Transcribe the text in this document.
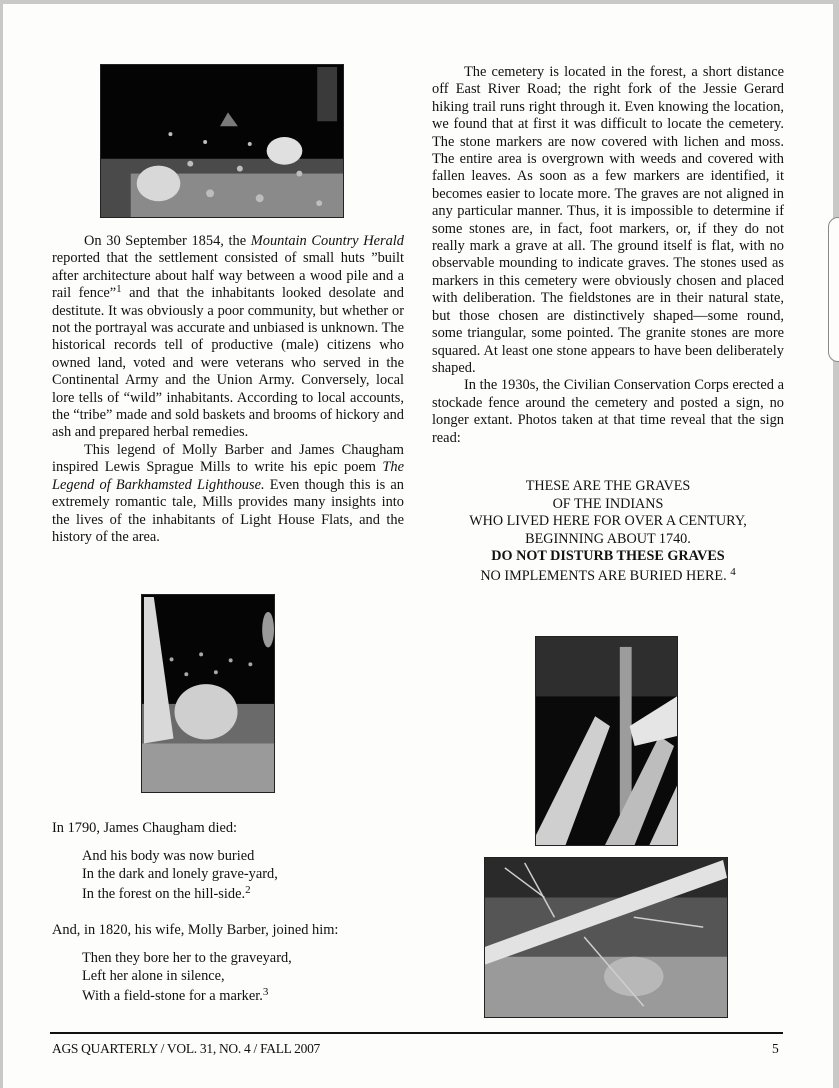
On 30 September 1854, the Mountain Country Herald reported that the settlement consisted of small huts ”built after architecture about half way between a wood pile and a rail fence”$^1$ and that the inhabitants looked desolate and destitute. It was obviously a poor community, but whether or not the portrayal was accurate and unbiased is unknown. The historical records tell of productive (male) citizens who owned land, voted and were veterans who served in the Continental Army and the Union Army. Conversely, local lore tells of “wild” inhabitants. According to local accounts, the “tribe” made and sold baskets and brooms of hickory and ash and prepared herbal remedies.

This legend of Molly Barber and James Chaugham inspired Lewis Sprague Mills to write his epic poem The Legend of Barkhamsted Lighthouse. Even though this is an extremely romantic tale, Mills provides many insights into the lives of the inhabitants of Light House Flats, and the history of the area.

The cemetery is located in the forest, a short distance off East River Road; the right fork of the Jessie Gerard hiking trail runs right through it. Even knowing the location, we found that at first it was difficult to locate the cemetery. The stone markers are now covered with lichen and moss. The entire area is overgrown with weeds and covered with fallen leaves. As soon as a few markers are identified, it becomes easier to locate more. The graves are not aligned in any particular manner. Thus, it is impossible to determine if some stones are, in fact, foot markers, or, if they do not really mark a grave at all. The ground itself is flat, with no observable mounding to indicate graves. The stones used as markers in this cemetery were obviously chosen and placed with deliberation. The fieldstones are in their natural state, but those chosen are distinctively shaped—some round, some triangular, some pointed. The granite stones are more squared. At least one stone appears to have been deliberately shaped.

In the 1930s, the Civilian Conservation Corps erected a stockade fence around the cemetery and posted a sign, no longer extant. Photos taken at that time reveal that the sign read:

THESE ARE THE GRAVES
OF THE INDIANS
WHO LIVED HERE FOR OVER A CENTURY,
BEGINNING ABOUT 1740.
DO NOT DISTURB THESE GRAVES
NO IMPLEMENTS ARE BURIED HERE. $^4$
In 1790, James Chaugham died:
And his body was now buried
In the dark and lonely grave-yard,
In the forest on the hill-side.$^2$
And, in 1820, his wife, Molly Barber, joined him:
Then they bore her to the graveyard,
Left her alone in silence,
With a field-stone for a marker.$^3$
AGS QUARTERLY / VOL. 31, NO. 4 / FALL 2007	5
